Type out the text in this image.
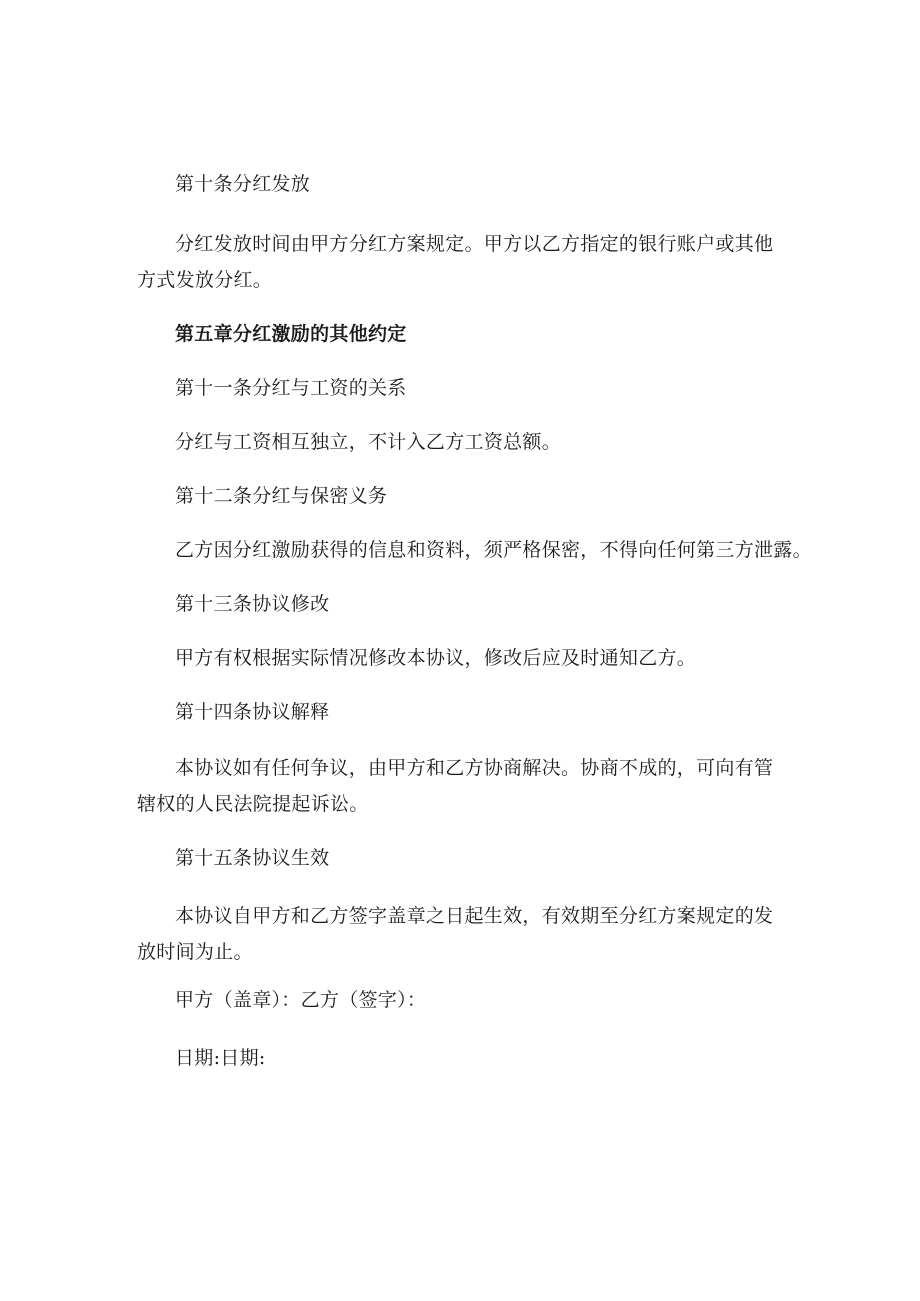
第十条分红发放

分红发放时间由甲方分红方案规定。甲方以乙方指定的银行账户或其他方式发放分红。

第五章分红激励的其他约定

第十一条分红与工资的关系

分红与工资相互独立，不计入乙方工资总额。

第十二条分红与保密义务

乙方因分红激励获得的信息和资料，须严格保密，不得向任何第三方泄露。

第十三条协议修改

甲方有权根据实际情况修改本协议，修改后应及时通知乙方。

第十四条协议解释

本协议如有任何争议，由甲方和乙方协商解决。协商不成的，可向有管辖权的人民法院提起诉讼。

第十五条协议生效

本协议自甲方和乙方签字盖章之日起生效，有效期至分红方案规定的发放时间为止。

甲方（盖章）：乙方（签字）：

日期:日期:
